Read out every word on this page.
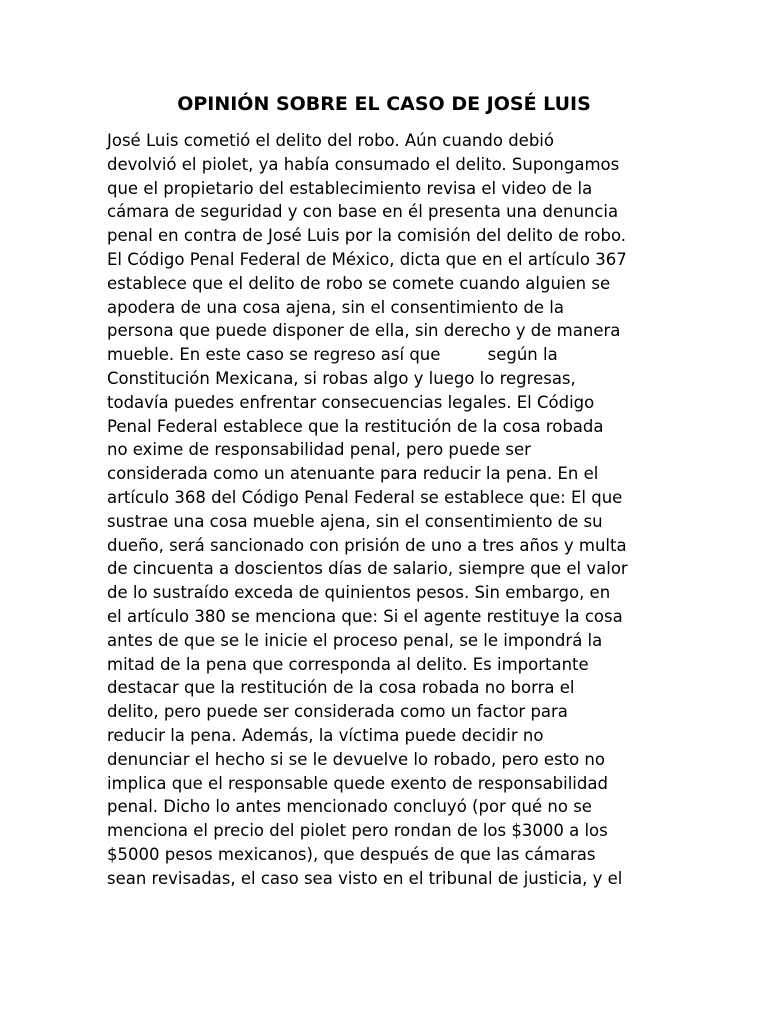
OPINIÓN SOBRE EL CASO DE JOSÉ LUIS
José Luis cometió el delito del robo. Aún cuando debió
devolvió el piolet, ya había consumado el delito. Supongamos
que el propietario del establecimiento revisa el video de la
cámara de seguridad y con base en él presenta una denuncia
penal en contra de José Luis por la comisión del delito de robo.
El Código Penal Federal de México, dicta que en el artículo 367
establece que el delito de robo se comete cuando alguien se
apodera de una cosa ajena, sin el consentimiento de la
persona que puede disponer de ella, sin derecho y de manera
mueble. En este caso se regreso así que         según la
Constitución Mexicana, si robas algo y luego lo regresas,
todavía puedes enfrentar consecuencias legales. El Código
Penal Federal establece que la restitución de la cosa robada
no exime de responsabilidad penal, pero puede ser
considerada como un atenuante para reducir la pena. En el
artículo 368 del Código Penal Federal se establece que: El que
sustrae una cosa mueble ajena, sin el consentimiento de su
dueño, será sancionado con prisión de uno a tres años y multa
de cincuenta a doscientos días de salario, siempre que el valor
de lo sustraído exceda de quinientos pesos. Sin embargo, en
el artículo 380 se menciona que: Si el agente restituye la cosa
antes de que se le inicie el proceso penal, se le impondrá la
mitad de la pena que corresponda al delito. Es importante
destacar que la restitución de la cosa robada no borra el
delito, pero puede ser considerada como un factor para
reducir la pena. Además, la víctima puede decidir no
denunciar el hecho si se le devuelve lo robado, pero esto no
implica que el responsable quede exento de responsabilidad
penal. Dicho lo antes mencionado concluyó (por qué no se
menciona el precio del piolet pero rondan de los $3000 a los
$5000 pesos mexicanos), que después de que las cámaras
sean revisadas, el caso sea visto en el tribunal de justicia, y el
